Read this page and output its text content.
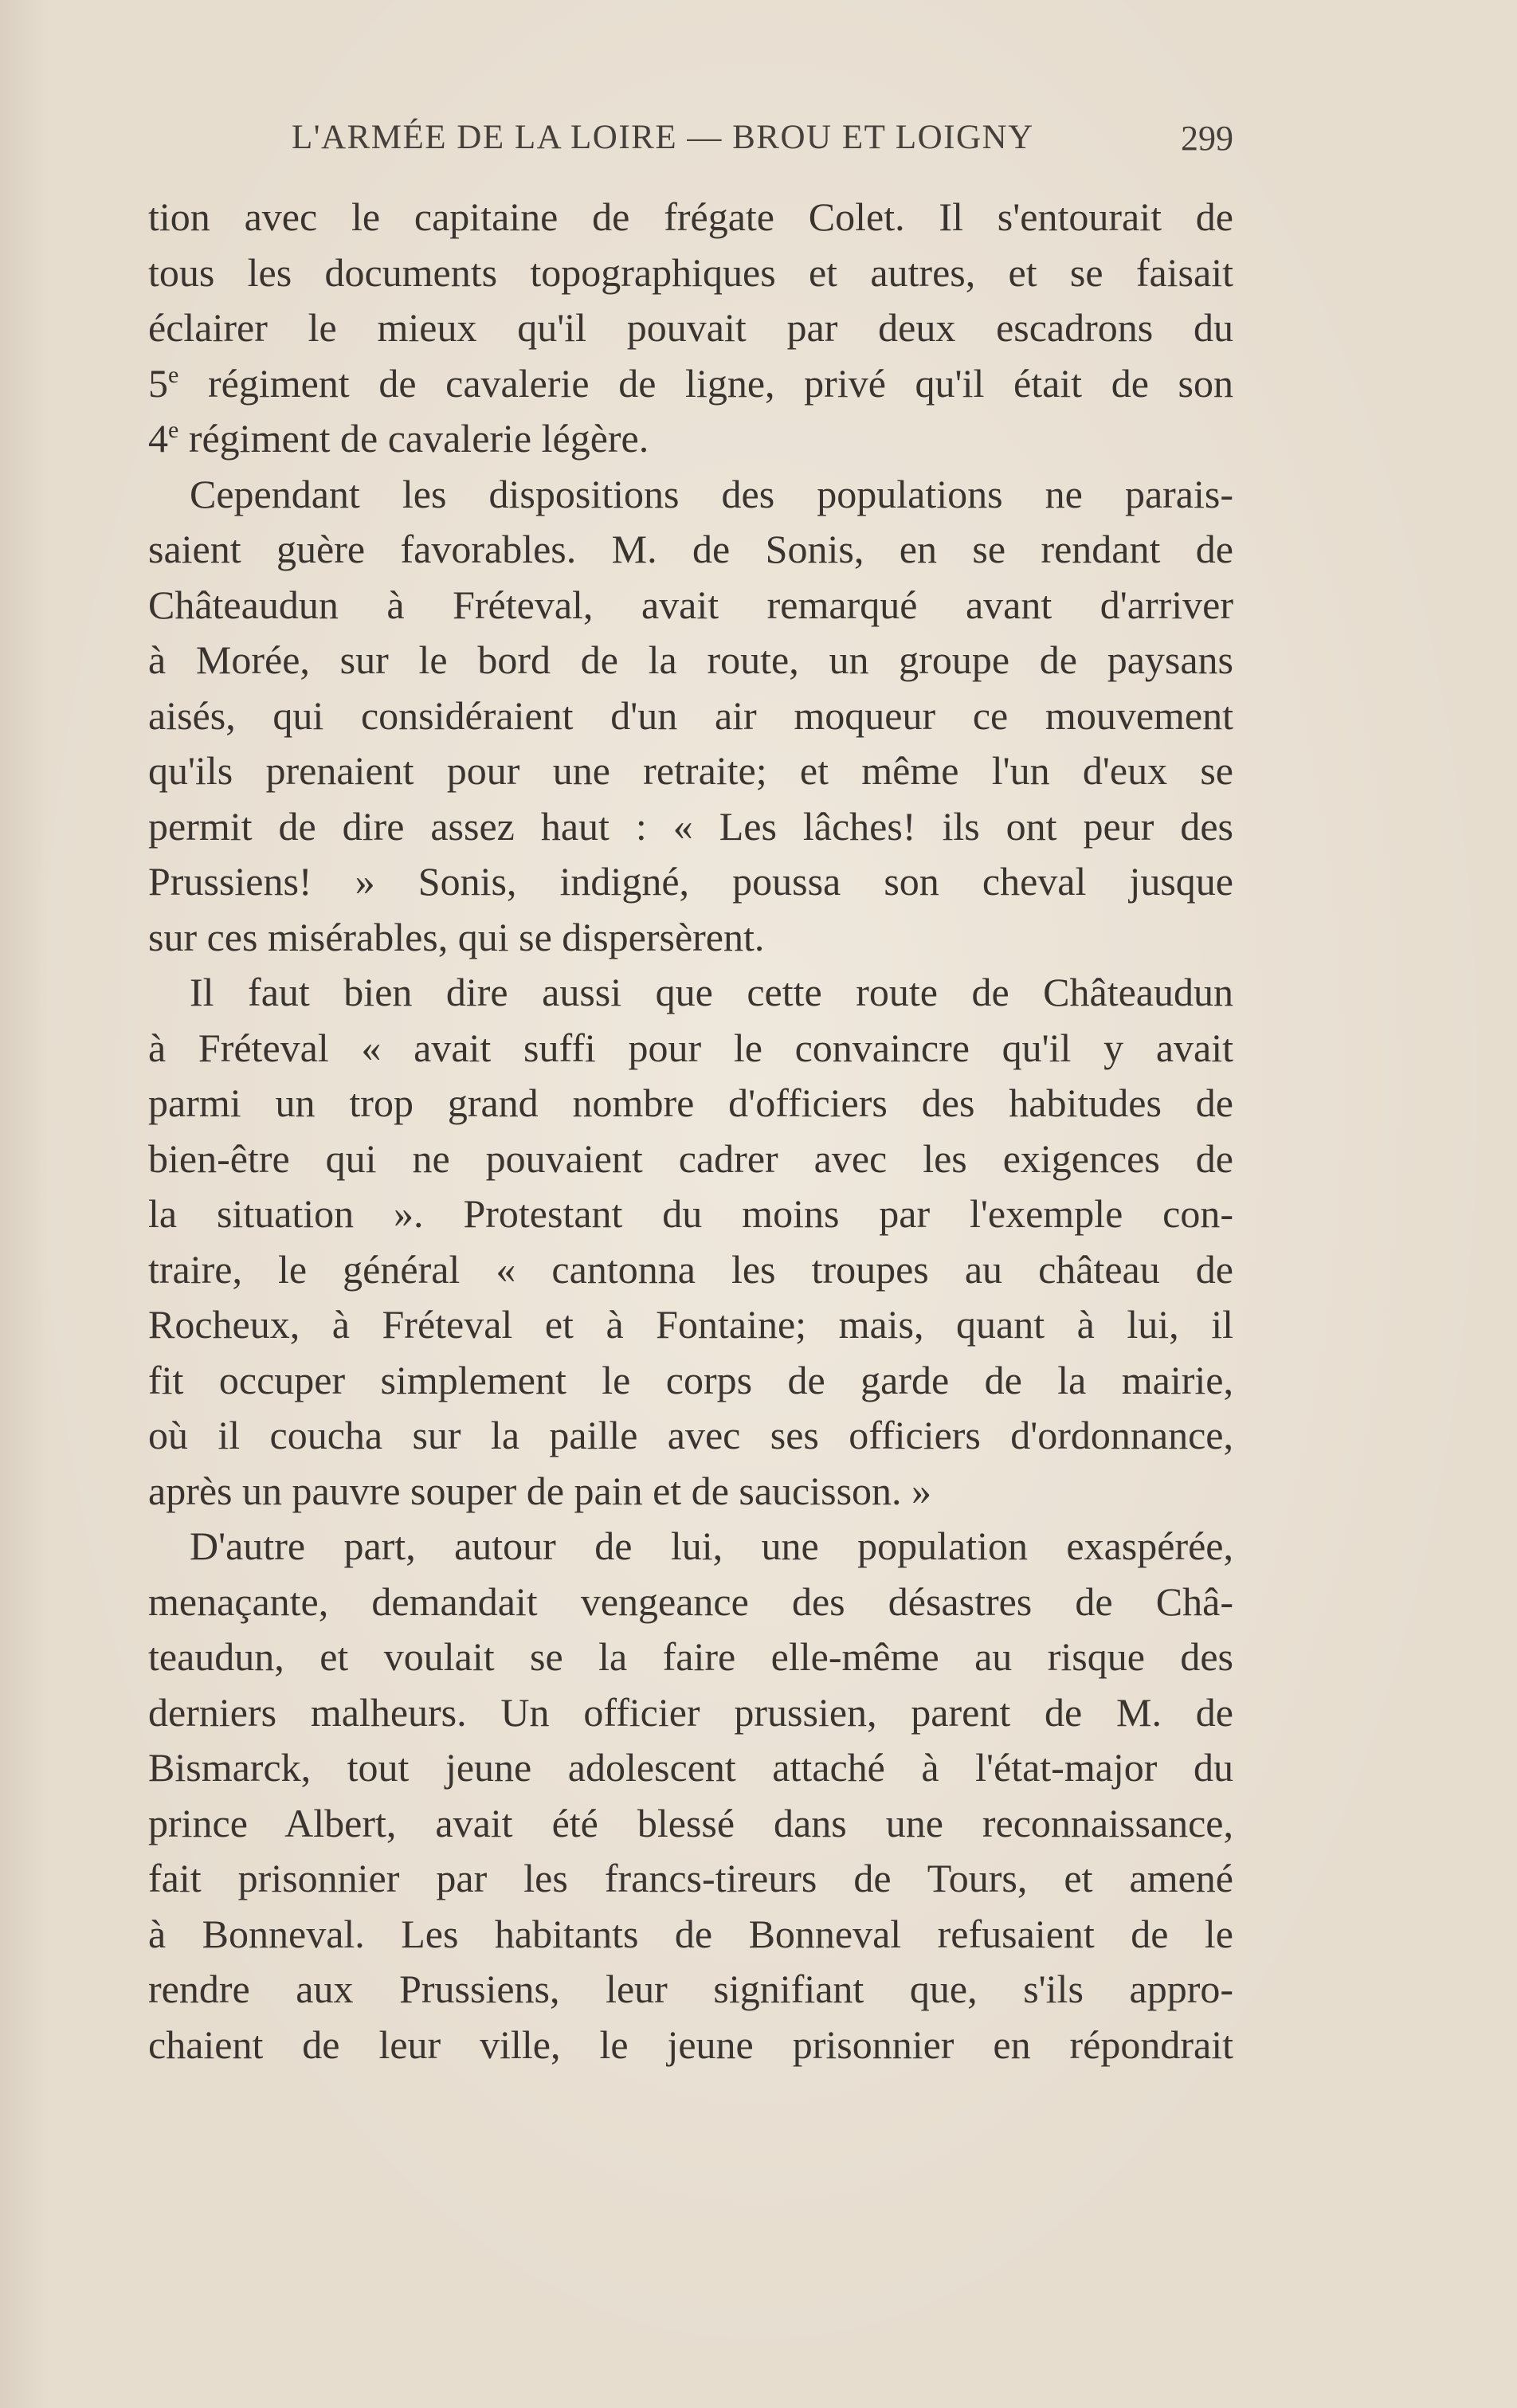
L'ARMÉE DE LA LOIRE — BROU ET LOIGNY	299
tion avec le capitaine de frégate Colet. Il s'entourait de
tous les documents topographiques et autres, et se faisait
éclairer le mieux qu'il pouvait par deux escadrons du
5e régiment de cavalerie de ligne, privé qu'il était de son
4e régiment de cavalerie légère.
Cependant les dispositions des populations ne parais-
saient guère favorables. M. de Sonis, en se rendant de
Châteaudun à Fréteval, avait remarqué avant d'arriver
à Morée, sur le bord de la route, un groupe de paysans
aisés, qui considéraient d'un air moqueur ce mouvement
qu'ils prenaient pour une retraite; et même l'un d'eux se
permit de dire assez haut : « Les lâches! ils ont peur des
Prussiens! » Sonis, indigné, poussa son cheval jusque
sur ces misérables, qui se dispersèrent.
Il faut bien dire aussi que cette route de Châteaudun
à Fréteval « avait suffi pour le convaincre qu'il y avait
parmi un trop grand nombre d'officiers des habitudes de
bien-être qui ne pouvaient cadrer avec les exigences de
la situation ». Protestant du moins par l'exemple con-
traire, le général « cantonna les troupes au château de
Rocheux, à Fréteval et à Fontaine; mais, quant à lui, il
fit occuper simplement le corps de garde de la mairie,
où il coucha sur la paille avec ses officiers d'ordonnance,
après un pauvre souper de pain et de saucisson. »
D'autre part, autour de lui, une population exaspérée,
menaçante, demandait vengeance des désastres de Châ-
teaudun, et voulait se la faire elle-même au risque des
derniers malheurs. Un officier prussien, parent de M. de
Bismarck, tout jeune adolescent attaché à l'état-major du
prince Albert, avait été blessé dans une reconnaissance,
fait prisonnier par les francs-tireurs de Tours, et amené
à Bonneval. Les habitants de Bonneval refusaient de le
rendre aux Prussiens, leur signifiant que, s'ils appro-
chaient de leur ville, le jeune prisonnier en répondrait
